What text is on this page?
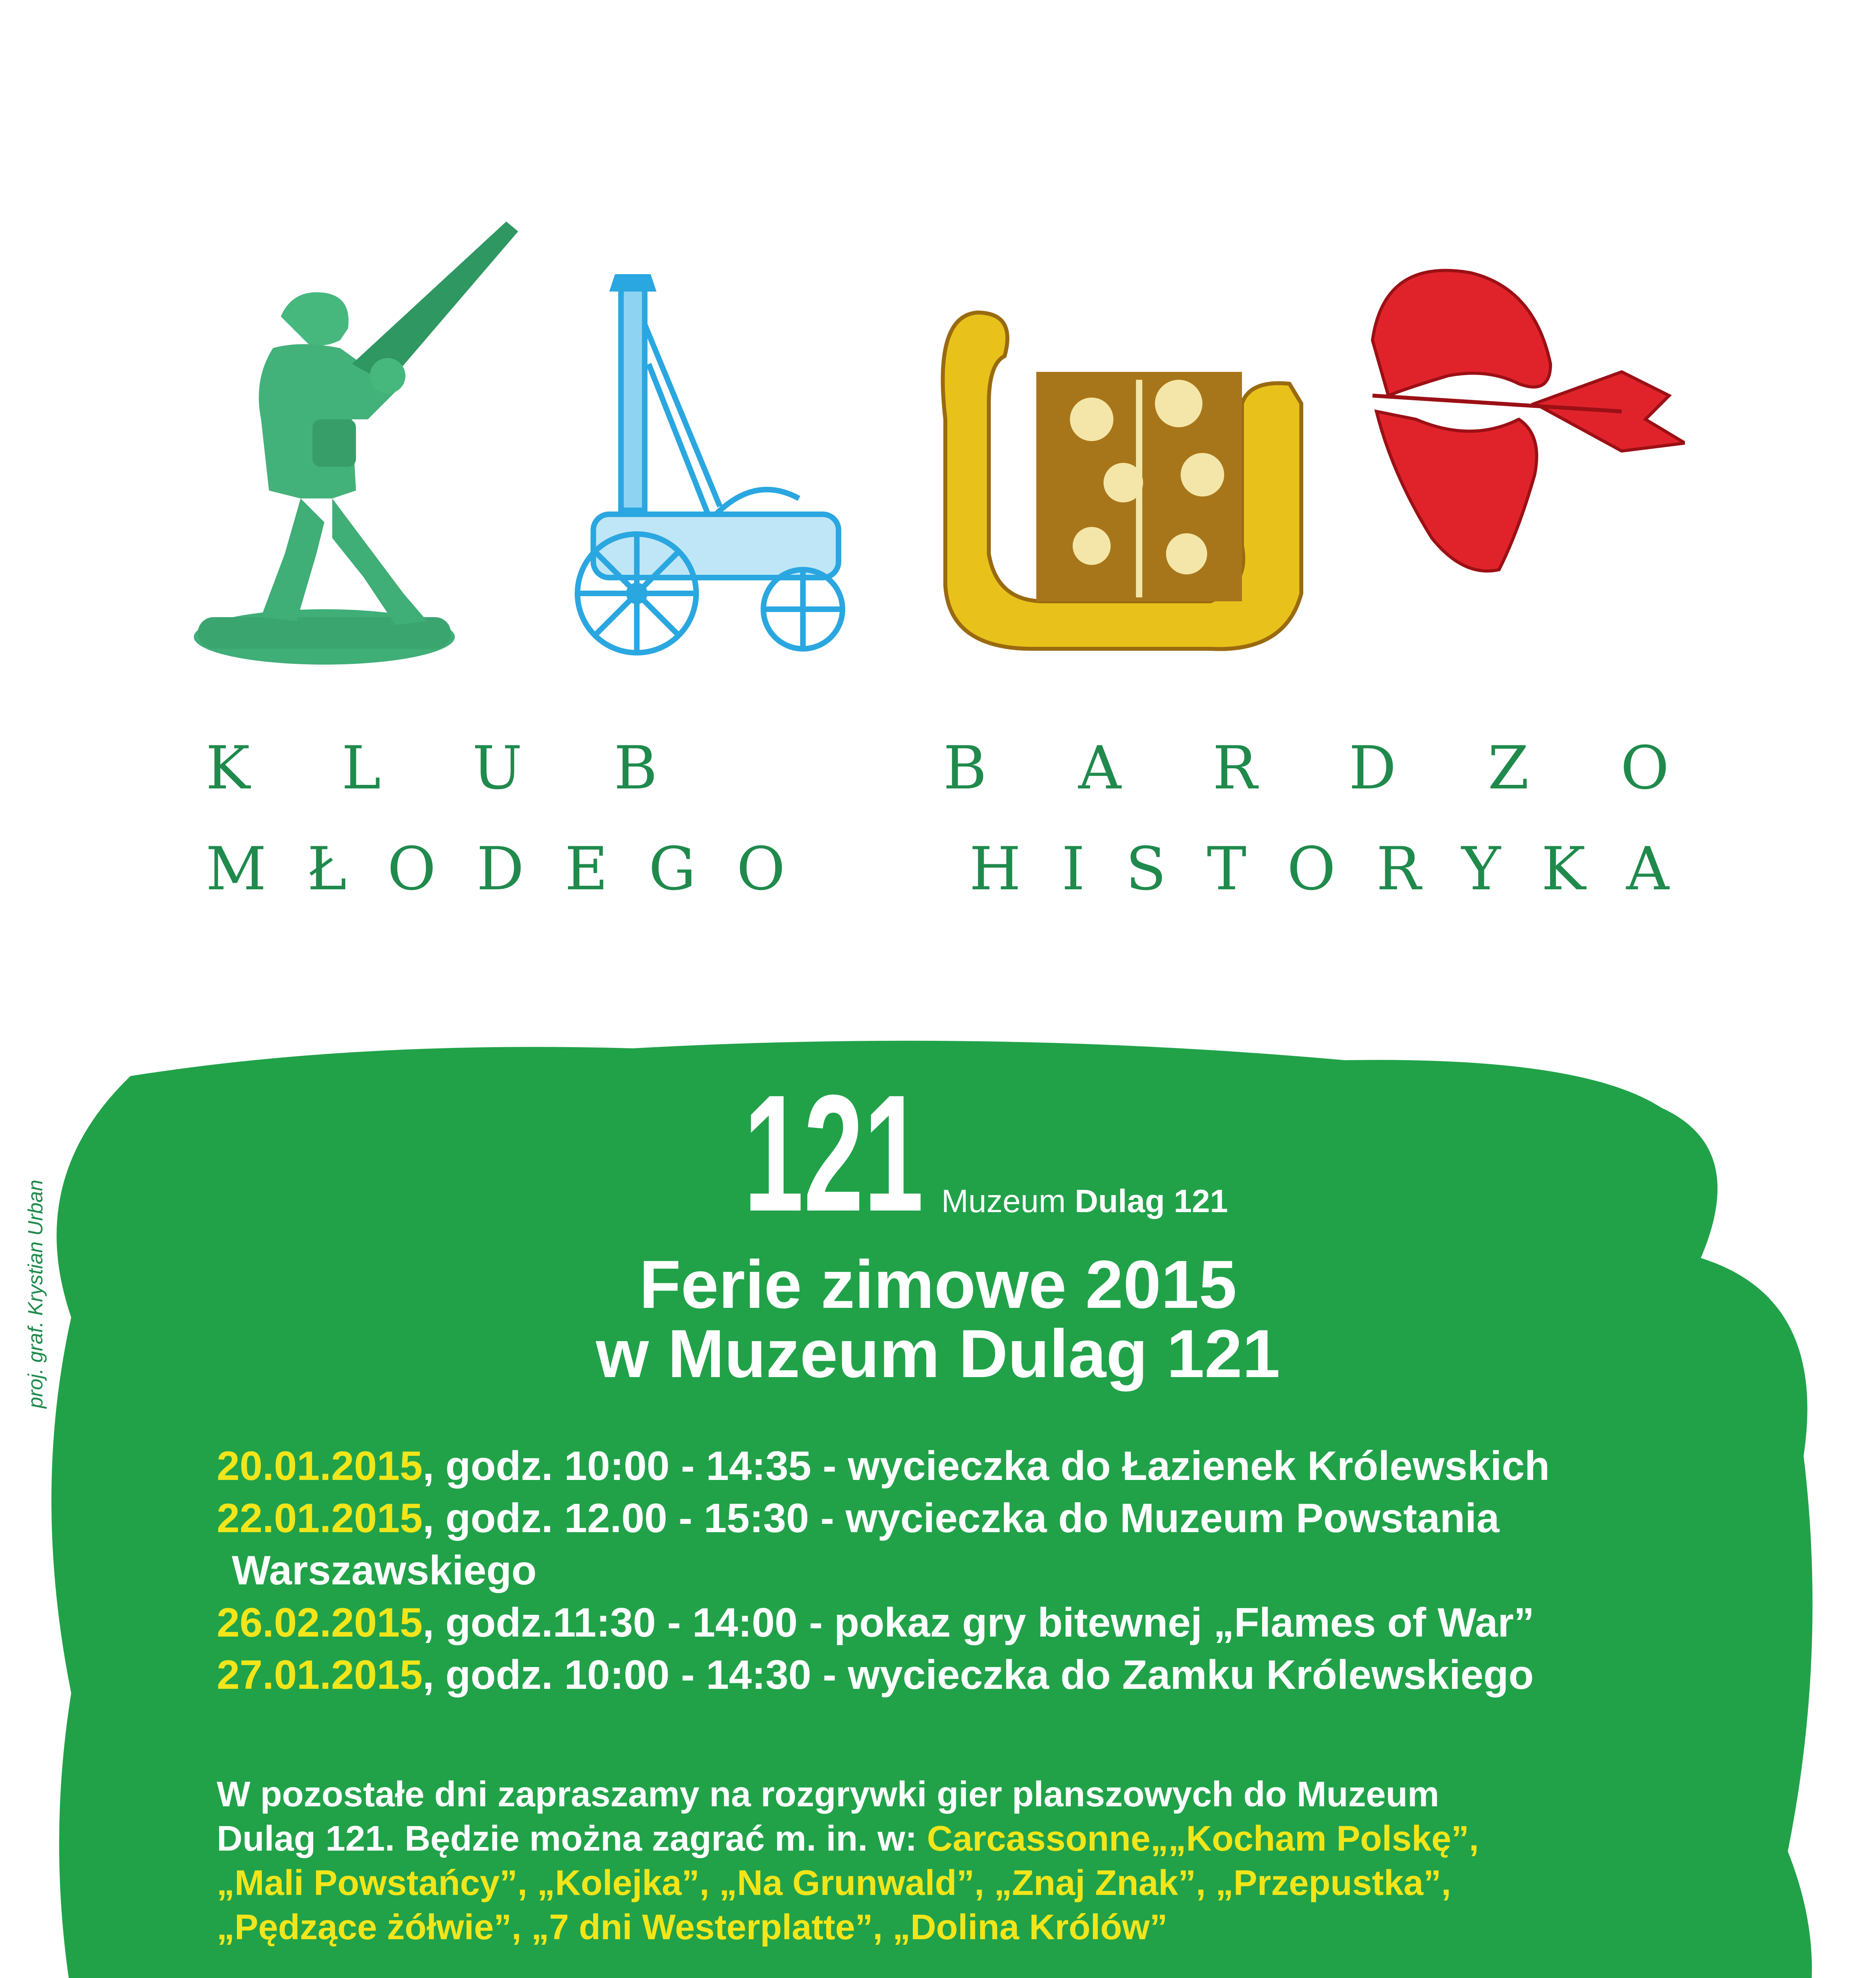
K L U B	B A R D Z O
M Ł O D E G O	H I S T O R Y K A
121 Muzeum Dulag 121
Ferie zimowe 2015
w Muzeum Dulag 121
20.01.2015, godz. 10:00 - 14:35 - wycieczka do Łazienek Królewskich
22.01.2015, godz. 12.00 - 15:30 - wycieczka do Muzeum Powstania
Warszawskiego
26.02.2015, godz.11:30 - 14:00 - pokaz gry bitewnej „Flames of War”
27.01.2015, godz. 10:00 - 14:30 - wycieczka do Zamku Królewskiego
W pozostałe dni zapraszamy na rozgrywki gier planszowych do Muzeum
Dulag 121. Będzie można zagrać m. in. w: Carcassonne„„Kocham Polskę”,
„Mali Powstańcy”, „Kolejka”, „Na Grunwald”, „Znaj Znak”, „Przepustka”,
„Pędzące żółwie”, „7 dni Westerplatte”, „Dolina Królów”
proj. graf. Krystian Urban
